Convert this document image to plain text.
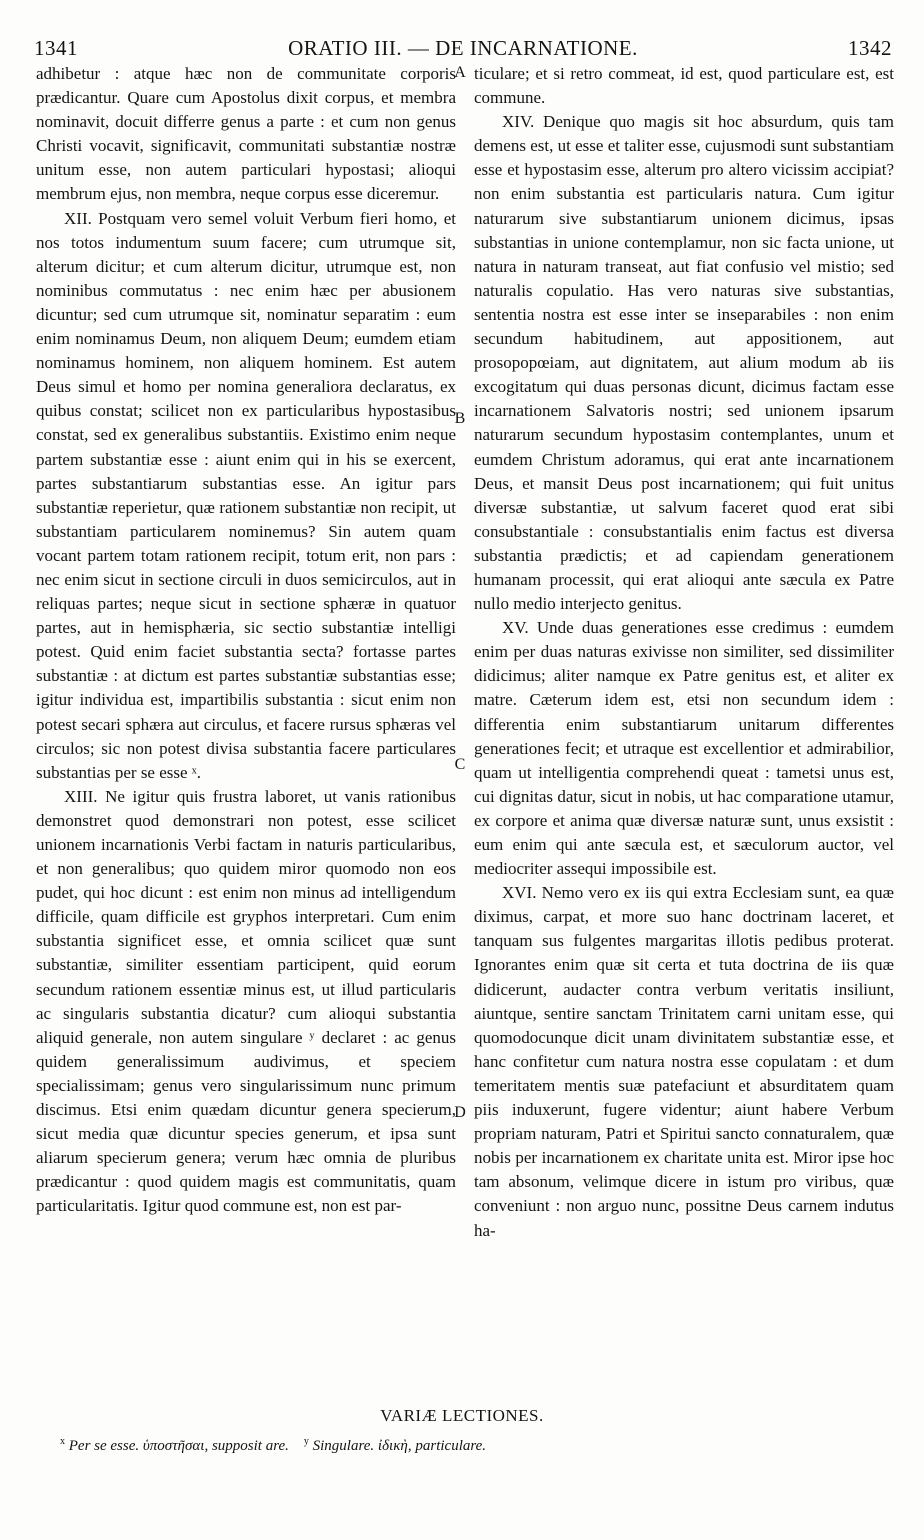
1341	ORATIO III. — DE INCARNATIONE.	1342

adhibetur : atque hæc non de communitate corporis prædicantur. Quare cum Apostolus dixit corpus, et membra nominavit, docuit differre genus a parte : et cum non genus Christi vocavit, significavit, communitati substantiæ nostræ unitum esse, non autem particulari hypostasi; alioqui membrum ejus, non membra, neque corpus esse diceremur.

XII. Postquam vero semel voluit Verbum fieri homo, et nos totos indumentum suum facere; cum utrumque sit, alterum dicitur; et cum alterum dicitur, utrumque est, non nominibus commutatus : nec enim hæc per abusionem dicuntur; sed cum utrumque sit, nominatur separatim : eum enim nominamus Deum, non aliquem Deum; eumdem etiam nominamus hominem, non aliquem hominem. Est autem Deus simul et homo per nomina generaliora declaratus, ex quibus constat; scilicet non ex particularibus hypostasibus constat, sed ex generalibus substantiis. Existimo enim neque partem substantiæ esse : aiunt enim qui in his se exercent, partes substantiarum substantias esse. An igitur pars substantiæ reperietur, quæ rationem substantiæ non recipit, ut substantiam particularem nominemus? Sin autem quam vocant partem totam rationem recipit, totum erit, non pars : nec enim sicut in sectione circuli in duos semicirculos, aut in reliquas partes; neque sicut in sectione sphæræ in quatuor partes, aut in hemisphæria, sic sectio substantiæ intelligi potest. Quid enim faciet substantia secta? fortasse partes substantiæ : at dictum est partes substantiæ substantias esse; igitur individua est, impartibilis substantia : sicut enim non potest secari sphæra aut circulus, et facere rursus sphæras vel circulos; sic non potest divisa substantia facere particulares substantias per se esse ˣ.

XIII. Ne igitur quis frustra laboret, ut vanis rationibus demonstret quod demonstrari non potest, esse scilicet unionem incarnationis Verbi factam in naturis particularibus, et non generalibus; quo quidem miror quomodo non eos pudet, qui hoc dicunt : est enim non minus ad intelligendum difficile, quam difficile est gryphos interpretari. Cum enim substantia significet esse, et omnia scilicet quæ sunt substantiæ, similiter essentiam participent, quid eorum secundum rationem essentiæ minus est, ut illud particularis ac singularis substantia dicatur? cum alioqui substantia aliquid generale, non autem singulare ʸ declaret : ac genus quidem generalissimum audivimus, et speciem specialissimam; genus vero singularissimum nunc primum discimus. Etsi enim quædam dicuntur genera specierum, sicut media quæ dicuntur species generum, et ipsa sunt aliarum specierum genera; verum hæc omnia de pluribus prædicantur : quod quidem magis est communitatis, quam particularitatis. Igitur quod commune est, non est par-

A
B
C
D

ticulare; et si retro commeat, id est, quod particulare est, est commune.

XIV. Denique quo magis sit hoc absurdum, quis tam demens est, ut esse et taliter esse, cujusmodi sunt substantiam esse et hypostasim esse, alterum pro altero vicissim accipiat? non enim substantia est particularis natura. Cum igitur naturarum sive substantiarum unionem dicimus, ipsas substantias in unione contemplamur, non sic facta unione, ut natura in naturam transeat, aut fiat confusio vel mistio; sed naturalis copulatio. Has vero naturas sive substantias, sententia nostra est esse inter se inseparabiles : non enim secundum habitudinem, aut appositionem, aut prosopopœiam, aut dignitatem, aut alium modum ab iis excogitatum qui duas personas dicunt, dicimus factam esse incarnationem Salvatoris nostri; sed unionem ipsarum naturarum secundum hypostasim contemplantes, unum et eumdem Christum adoramus, qui erat ante incarnationem Deus, et mansit Deus post incarnationem; qui fuit unitus diversæ substantiæ, ut salvum faceret quod erat sibi consubstantiale : consubstantialis enim factus est diversa substantia prædictis; et ad capiendam generationem humanam processit, qui erat alioqui ante sæcula ex Patre nullo medio interjecto genitus.

XV. Unde duas generationes esse credimus : eumdem enim per duas naturas exivisse non similiter, sed dissimiliter didicimus; aliter namque ex Patre genitus est, et aliter ex matre. Cæterum idem est, etsi non secundum idem : differentia enim substantiarum unitarum differentes generationes fecit; et utraque est excellentior et admirabilior, quam ut intelligentia comprehendi queat : tametsi unus est, cui dignitas datur, sicut in nobis, ut hac comparatione utamur, ex corpore et anima quæ diversæ naturæ sunt, unus exsistit : eum enim qui ante sæcula est, et sæculorum auctor, vel mediocriter assequi impossibile est.

XVI. Nemo vero ex iis qui extra Ecclesiam sunt, ea quæ diximus, carpat, et more suo hanc doctrinam laceret, et tanquam sus fulgentes margaritas illotis pedibus proterat. Ignorantes enim quæ sit certa et tuta doctrina de iis quæ didicerunt, audacter contra verbum veritatis insiliunt, aiuntque, sentire sanctam Trinitatem carni unitam esse, qui quomodocunque dicit unam divinitatem substantiæ esse, et hanc confitetur cum natura nostra esse copulatam : et dum temeritatem mentis suæ patefaciunt et absurditatem quam piis induxerunt, fugere videntur; aiunt habere Verbum propriam naturam, Patri et Spiritui sancto connaturalem, quæ nobis per incarnationem ex charitate unita est. Miror ipse hoc tam absonum, velimque dicere in istum pro viribus, quæ conveniunt : non arguo nunc, possitne Deus carnem indutus ha-

VARIÆ LECTIONES.
$^x$ Per se esse. ὑποστῆσαι, supposit are. $^y$ Singulare. ἰδικὴ, particulare.
